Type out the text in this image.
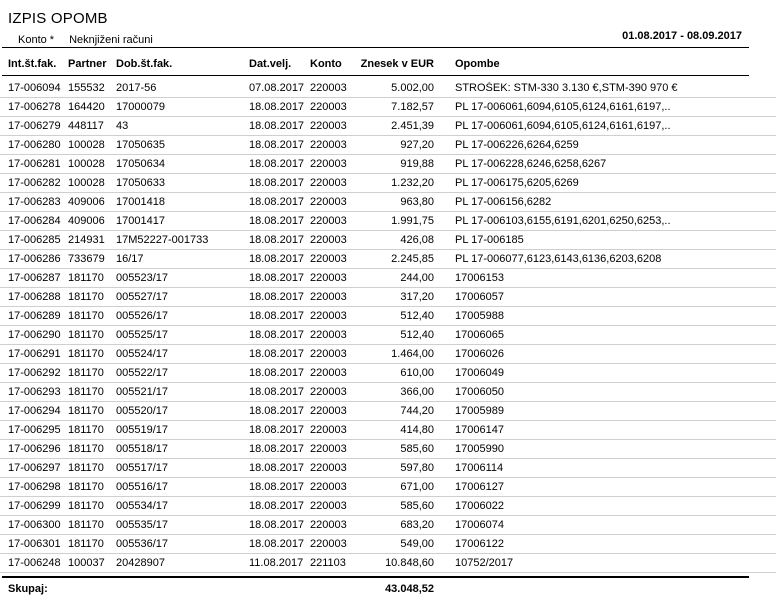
IZPIS OPOMB
Konto * Neknjiženi računi	01.08.2017 - 08.09.2017
Int.št.fak.	Partner Dob.št.fak.	Dat.velj.	Konto	Znesek v EUR Opombe
17-006094 155532	2017-56	07.08.2017 220003	5.002,00 STROŠEK: STM-330 3.130 €,STM-390 970 €
17-006278 164420	17000079	18.08.2017 220003	7.182,57 PL 17-006061,6094,6105,6124,6161,6197,..
17-006279 448117	43	18.08.2017 220003	2.451,39 PL 17-006061,6094,6105,6124,6161,6197,..
17-006280 100028	17050635	18.08.2017 220003	927,20 PL 17-006226,6264,6259
17-006281 100028	17050634	18.08.2017 220003	919,88 PL 17-006228,6246,6258,6267
17-006282 100028	17050633	18.08.2017 220003	1.232,20 PL 17-006175,6205,6269
17-006283 409006	17001418	18.08.2017 220003	963,80 PL 17-006156,6282
17-006284 409006	17001417	18.08.2017 220003	1.991,75 PL 17-006103,6155,6191,6201,6250,6253,..
17-006285 214931	17M52227-001733	18.08.2017 220003	426,08 PL 17-006185
17-006286 733679	16/17	18.08.2017 220003	2.245,85 PL 17-006077,6123,6143,6136,6203,6208
17-006287 181170	005523/17	18.08.2017 220003	244,00 17006153
17-006288 181170	005527/17	18.08.2017 220003	317,20 17006057
17-006289 181170	005526/17	18.08.2017 220003	512,40 17005988
17-006290 181170	005525/17	18.08.2017 220003	512,40 17006065
17-006291 181170	005524/17	18.08.2017 220003	1.464,00 17006026
17-006292 181170	005522/17	18.08.2017 220003	610,00 17006049
17-006293 181170	005521/17	18.08.2017 220003	366,00 17006050
17-006294 181170	005520/17	18.08.2017 220003	744,20 17005989
17-006295 181170	005519/17	18.08.2017 220003	414,80 17006147
17-006296 181170	005518/17	18.08.2017 220003	585,60 17005990
17-006297 181170	005517/17	18.08.2017 220003	597,80 17006114
17-006298 181170	005516/17	18.08.2017 220003	671,00 17006127
17-006299 181170	005534/17	18.08.2017 220003	585,60 17006022
17-006300 181170	005535/17	18.08.2017 220003	683,20 17006074
17-006301 181170	005536/17	18.08.2017 220003	549,00 17006122
17-006248 100037	20428907	11.08.2017 221103	10.848,60 10752/2017
Skupaj:	43.048,52
